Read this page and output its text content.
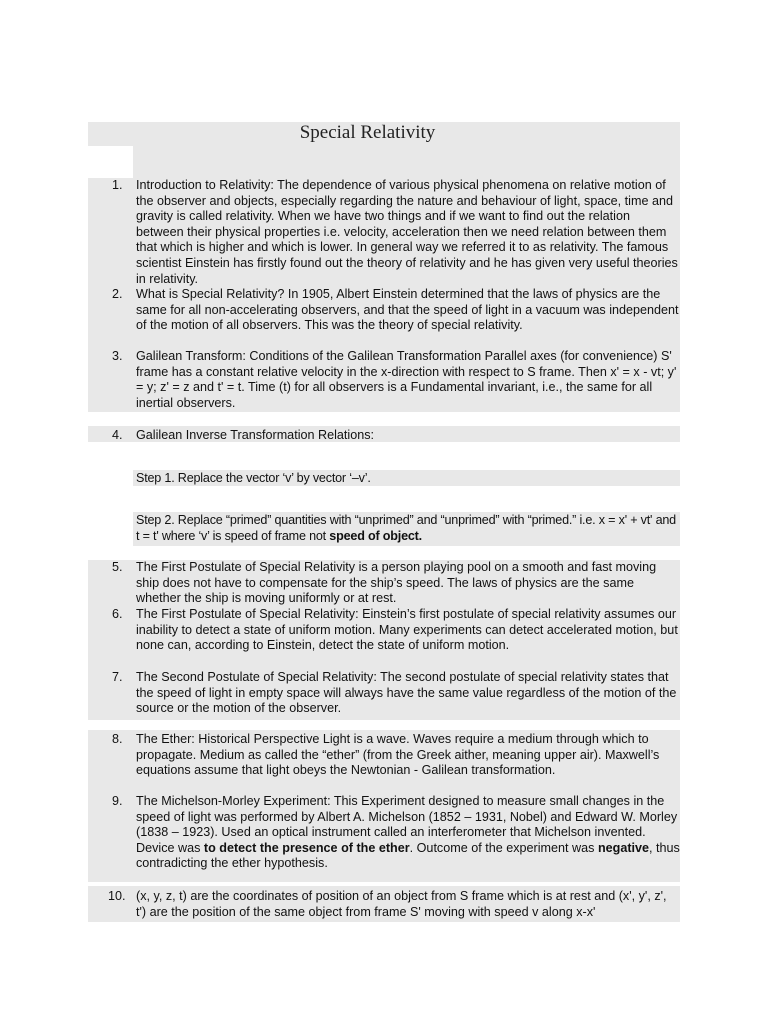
Special Relativity
1.	Introduction to Relativity: The dependence of various physical phenomena on relative motion of the observer and objects, especially regarding the nature and behaviour of light, space, time and gravity is called relativity. When we have two things and if we want to find out the relation between their physical properties i.e. velocity, acceleration then we need relation between them that which is higher and which is lower. In general way we referred it to as relativity. The famous scientist Einstein has firstly found out the theory of relativity and he has given very useful theories in relativity.
2.	What is Special Relativity? In 1905, Albert Einstein determined that the laws of physics are the same for all non-accelerating observers, and that the speed of light in a vacuum was independent of the motion of all observers. This was the theory of special relativity.
3.	Galilean Transform: Conditions of the Galilean Transformation Parallel axes (for convenience) S' frame has a constant relative velocity in the x-direction with respect to S frame. Then x' = x - vt; y' = y; z' = z and t' = t. Time (t) for all observers is a Fundamental invariant, i.e., the same for all inertial observers.
4.	Galilean Inverse Transformation Relations:
Step 1. Replace the vector ‘v’ by vector ‘–v’.
Step 2. Replace “primed” quantities with “unprimed” and “unprimed” with “primed.” i.e. x = x' + vt' and t = t' where ‘v’ is speed of frame not speed of object.
5.	The First Postulate of Special Relativity is a person playing pool on a smooth and fast moving ship does not have to compensate for the ship’s speed. The laws of physics are the same whether the ship is moving uniformly or at rest.
6.	The First Postulate of Special Relativity: Einstein’s first postulate of special relativity assumes our inability to detect a state of uniform motion. Many experiments can detect accelerated motion, but none can, according to Einstein, detect the state of uniform motion.
7.	The Second Postulate of Special Relativity: The second postulate of special relativity states that the speed of light in empty space will always have the same value regardless of the motion of the source or the motion of the observer.
8.	The Ether: Historical Perspective Light is a wave. Waves require a medium through which to propagate. Medium as called the “ether” (from the Greek aither, meaning upper air). Maxwell’s equations assume that light obeys the Newtonian - Galilean transformation.
9.	The Michelson-Morley Experiment: This Experiment designed to measure small changes in the speed of light was performed by Albert A. Michelson (1852 – 1931, Nobel) and Edward W. Morley (1838 – 1923). Used an optical instrument called an interferometer that Michelson invented. Device was to detect the presence of the ether. Outcome of the experiment was negative, thus contradicting the ether hypothesis.
10. (x, y, z, t) are the coordinates of position of an object from S frame which is at rest and (x', y', z', t') are the position of the same object from frame S' moving with speed v along x-x'
